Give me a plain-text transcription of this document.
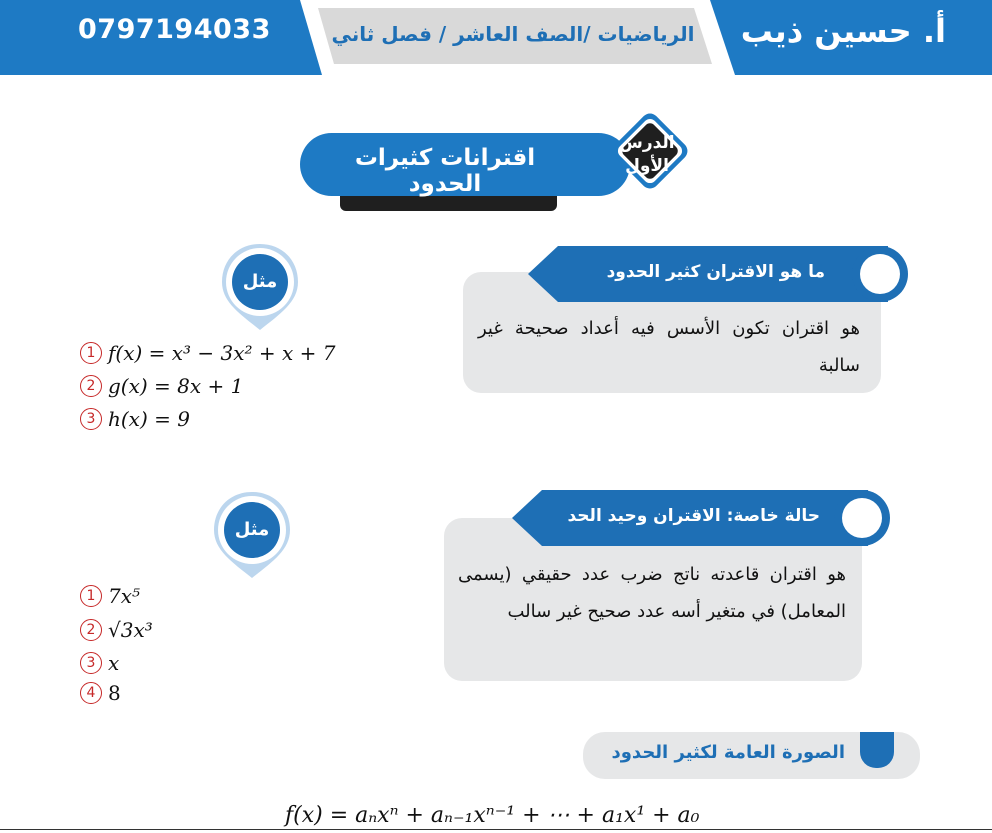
0797194033	الرياضيات /الصف العاشر / فصل ثاني أ. حسين ذيب
اقترانات كثيرات الحدود
الدرس الأول
ما هو الاقتران كثير الحدود
هو اقتران تكون الأسس فيه أعداد صحيحة غير سالبة
مثل
1 f(x) = x³ − 3x² + x + 7
2 g(x) = 8x + 1
3 h(x) = 9
حالة خاصة: الاقتران وحيد الحد
هو اقتران قاعدته ناتج ضرب عدد حقيقي (يسمى المعامل) في متغير أسه عدد صحيح غير سالب
مثل
1 7x⁵
2 √3x³
3 x
4 8
الصورة العامة لكثير الحدود
f(x) = aₙxⁿ + aₙ₋₁xⁿ⁻¹ + ⋯ + a₁x¹ + a₀
